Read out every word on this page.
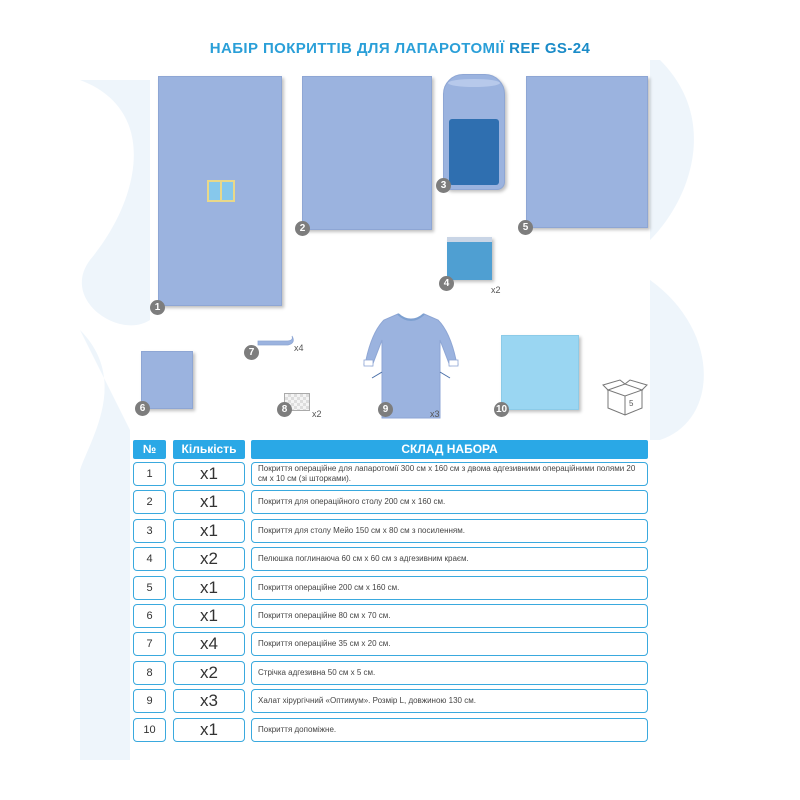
НАБІР ПОКРИТТІВ ДЛЯ ЛАПАРОТОМІЇ REF GS-24
1
2
3
4
x2
5
6
7	x4
8	x2	9	x3	10
5
№	Кількість	СКЛАД НАБОРА
1	x1	Покриття операційне для лапаротомії 300 см х 160 см з двома адгезивними операційними полями 20 см х 10 см (зі шторками).
2	x1	Покриття для операційного столу 200 см х 160 см.
3	x1	Покриття для столу Мейо 150 см х 80 см з посиленням.
4	x2	Пелюшка поглинаюча 60 см х 60 см з адгезивним краєм.
5	x1	Покриття операційне 200 см х 160 см.
6	x1	Покриття операційне 80 см х 70 см.
7	x4	Покриття операційне 35 см х 20 см.
8	x2	Стрічка адгезивна 50 см х 5 см.
9	x3	Халат хірургічний «Оптимум». Розмір L, довжиною 130 см.
10	x1	Покриття допоміжне.
